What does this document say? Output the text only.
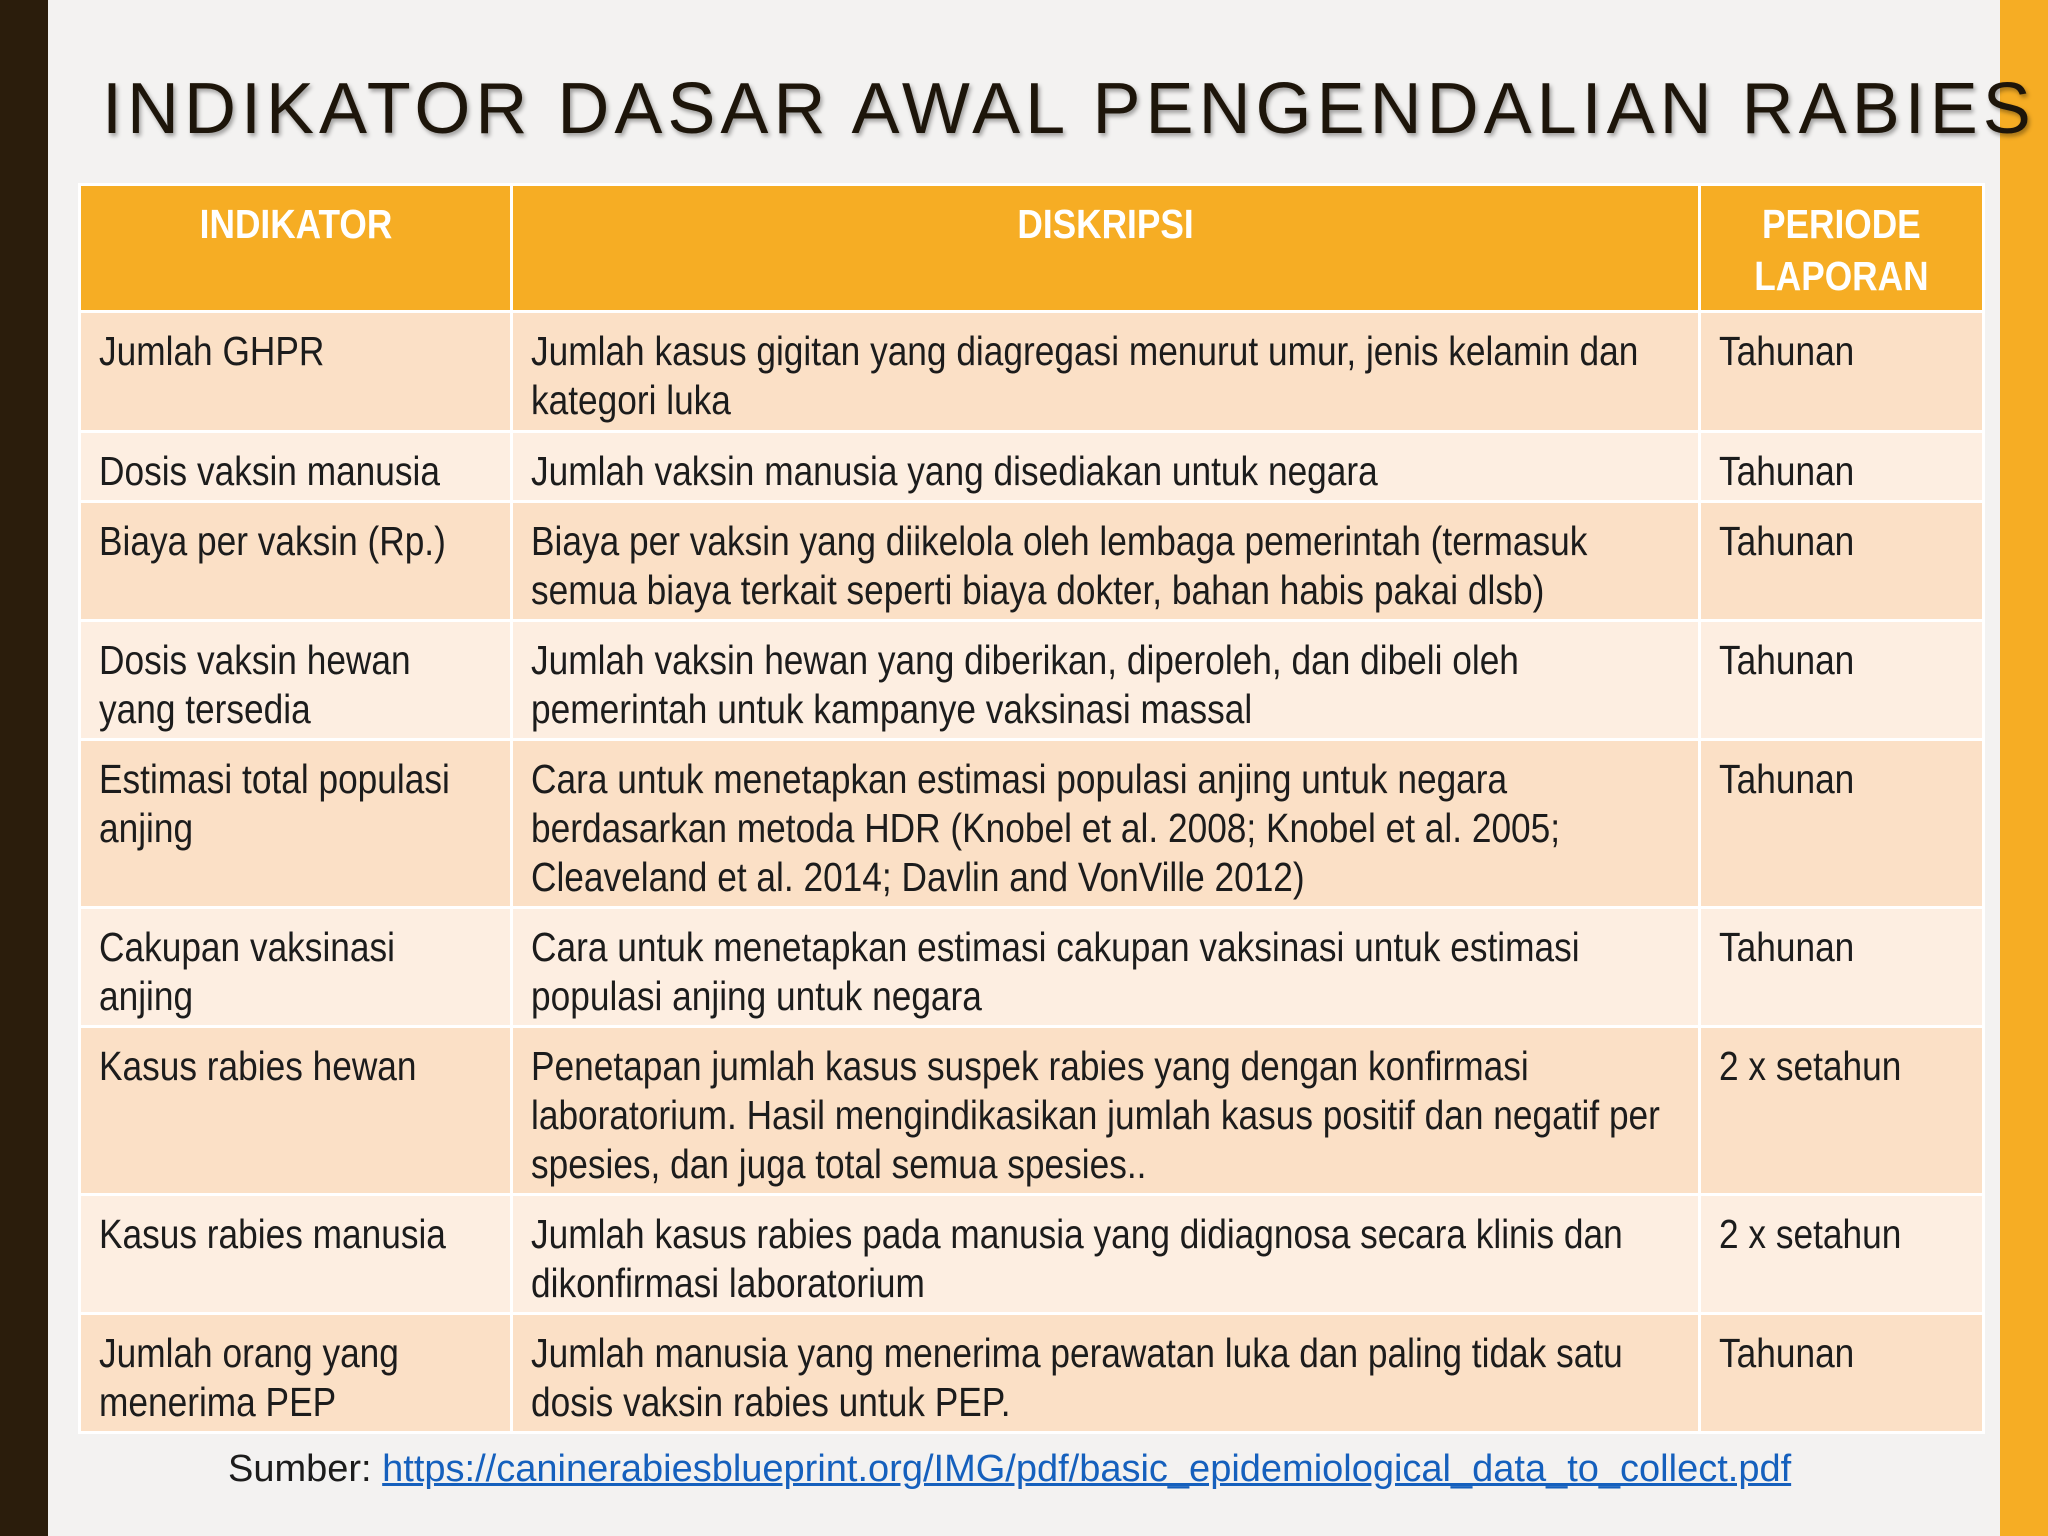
INDIKATOR DASAR AWAL PENGENDALIAN RABIES
INDIKATOR	DISKRIPSI	PERIODE
LAPORAN
Jumlah GHPR	Jumlah kasus gigitan yang diagregasi menurut umur, jenis kelamin dan kategori luka	Tahunan
Dosis vaksin manusia	Jumlah vaksin manusia yang disediakan untuk negara	Tahunan
Biaya per vaksin (Rp.)	Biaya per vaksin yang diikelola oleh lembaga pemerintah (termasuk semua biaya terkait seperti biaya dokter, bahan habis pakai dlsb)	Tahunan
Dosis vaksin hewan yang tersedia	Jumlah vaksin hewan yang diberikan, diperoleh, dan dibeli oleh pemerintah untuk kampanye vaksinasi massal	Tahunan
Estimasi total populasi anjing	Cara untuk menetapkan estimasi populasi anjing untuk negara berdasarkan metoda HDR (Knobel et al. 2008; Knobel et al. 2005; Cleaveland et al. 2014; Davlin and VonVille 2012)	Tahunan
Cakupan vaksinasi anjing	Cara untuk menetapkan estimasi cakupan vaksinasi untuk estimasi populasi anjing untuk negara	Tahunan
Kasus rabies hewan	Penetapan jumlah kasus suspek rabies yang dengan konfirmasi laboratorium. Hasil mengindikasikan jumlah kasus positif dan negatif per spesies, dan juga total semua spesies..	2 x setahun
Kasus rabies manusia	Jumlah kasus rabies pada manusia yang didiagnosa secara klinis dan dikonfirmasi laboratorium	2 x setahun
Jumlah orang yang menerima PEP	Jumlah manusia yang menerima perawatan luka dan paling tidak satu dosis vaksin rabies untuk PEP.	Tahunan
Sumber: https://caninerabiesblueprint.org/IMG/pdf/basic_epidemiological_data_to_collect.pdf
